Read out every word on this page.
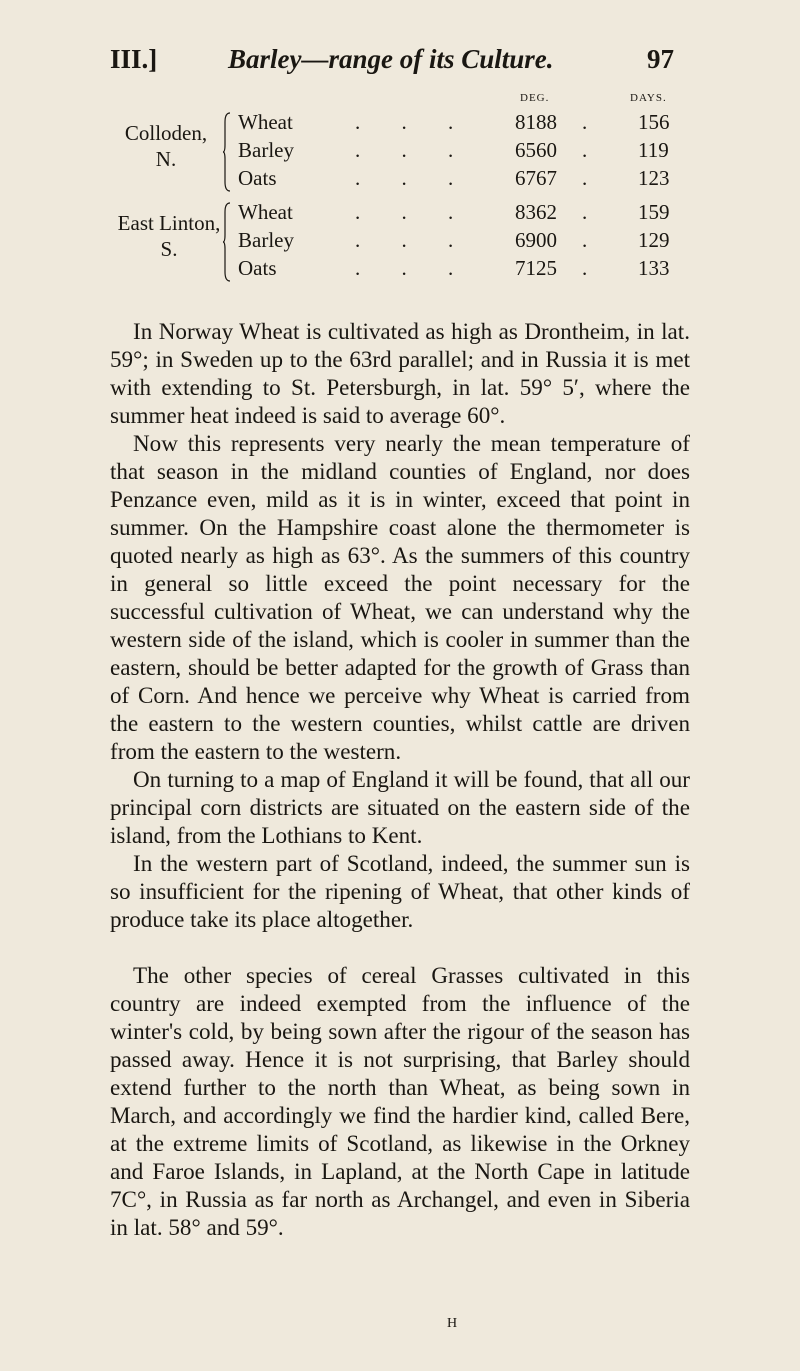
III.]	Barley—range of its Culture.	97
DEG.	DAYS.
Colloden,
N.
Wheat	. . . 8188 . 156
Barley	. . . 6560 . 119
Oats	. . . 6767 . 123
East Linton,
S.
Wheat	. . . 8362 . 159
Barley	. . . 6900 . 129
Oats	. . . 7125 . 133

In Norway Wheat is cultivated as high as Drontheim, in lat. 59°; in Sweden up to the 63rd parallel; and in Russia it is met with extending to St. Petersburgh, in lat. 59° 5′, where the summer heat indeed is said to average 60°.

Now this represents very nearly the mean temperature of that season in the midland counties of England, nor does Penzance even, mild as it is in winter, exceed that point in summer. On the Hampshire coast alone the thermometer is quoted nearly as high as 63°. As the summers of this country in general so little exceed the point necessary for the successful cultivation of Wheat, we can understand why the western side of the island, which is cooler in summer than the eastern, should be better adapted for the growth of Grass than of Corn. And hence we perceive why Wheat is carried from the eastern to the western counties, whilst cattle are driven from the eastern to the western.

On turning to a map of England it will be found, that all our principal corn districts are situated on the eastern side of the island, from the Lothians to Kent.

In the western part of Scotland, indeed, the summer sun is so insufficient for the ripening of Wheat, that other kinds of produce take its place altogether.

The other species of cereal Grasses cultivated in this country are indeed exempted from the influence of the winter's cold, by being sown after the rigour of the season has passed away. Hence it is not surprising, that Barley should extend further to the north than Wheat, as being sown in March, and accordingly we find the hardier kind, called Bere, at the extreme limits of Scotland, as likewise in the Orkney and Faroe Islands, in Lapland, at the North Cape in latitude 7C°, in Russia as far north as Archangel, and even in Siberia in lat. 58° and 59°.

H
